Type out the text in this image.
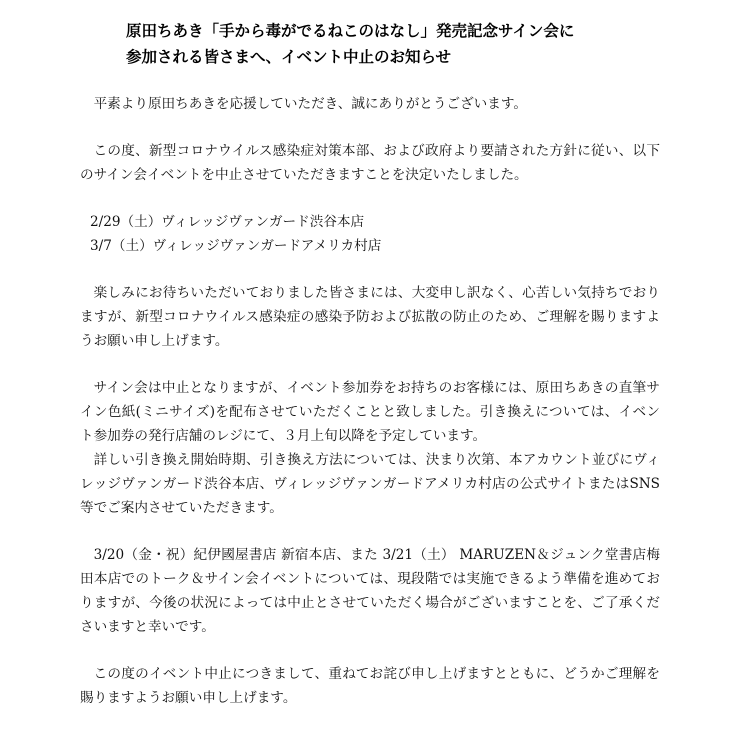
原田ちあき「手から毒がでるねこのはなし」発売記念サイン会に
参加される皆さまへ、イベント中止のお知らせ

平素より原田ちあきを応援していただき、誠にありがとうございます。

この度、新型コロナウイルス感染症対策本部、および政府より要請された方針に従い、以下のサイン会イベントを中止させていただきますことを決定いたしました。

2/29（土）ヴィレッジヴァンガード渋谷本店
3/7（土）ヴィレッジヴァンガードアメリカ村店

楽しみにお待ちいただいておりました皆さまには、大変申し訳なく、心苦しい気持ちでおりますが、新型コロナウイルス感染症の感染予防および拡散の防止のため、ご理解を賜りますようお願い申し上げます。

サイン会は中止となりますが、イベント参加券をお持ちのお客様には、原田ちあきの直筆サイン色紙(ミニサイズ)を配布させていただくことと致しました。引き換えについては、イベント参加券の発行店舗のレジにて、３月上旬以降を予定しています。

詳しい引き換え開始時期、引き換え方法については、決まり次第、本アカウント並びにヴィレッジヴァンガード渋谷本店、ヴィレッジヴァンガードアメリカ村店の公式サイトまたはSNS等でご案内させていただきます。

3/20（金・祝）紀伊國屋書店 新宿本店、また 3/21（土） MARUZEN＆ジュンク堂書店梅田本店でのトーク＆サイン会イベントについては、現段階では実施できるよう準備を進めておりますが、今後の状況によっては中止とさせていただく場合がございますことを、ご了承くださいますと幸いです。

この度のイベント中止につきまして、重ねてお詫び申し上げますとともに、どうかご理解を賜りますようお願い申し上げます。
